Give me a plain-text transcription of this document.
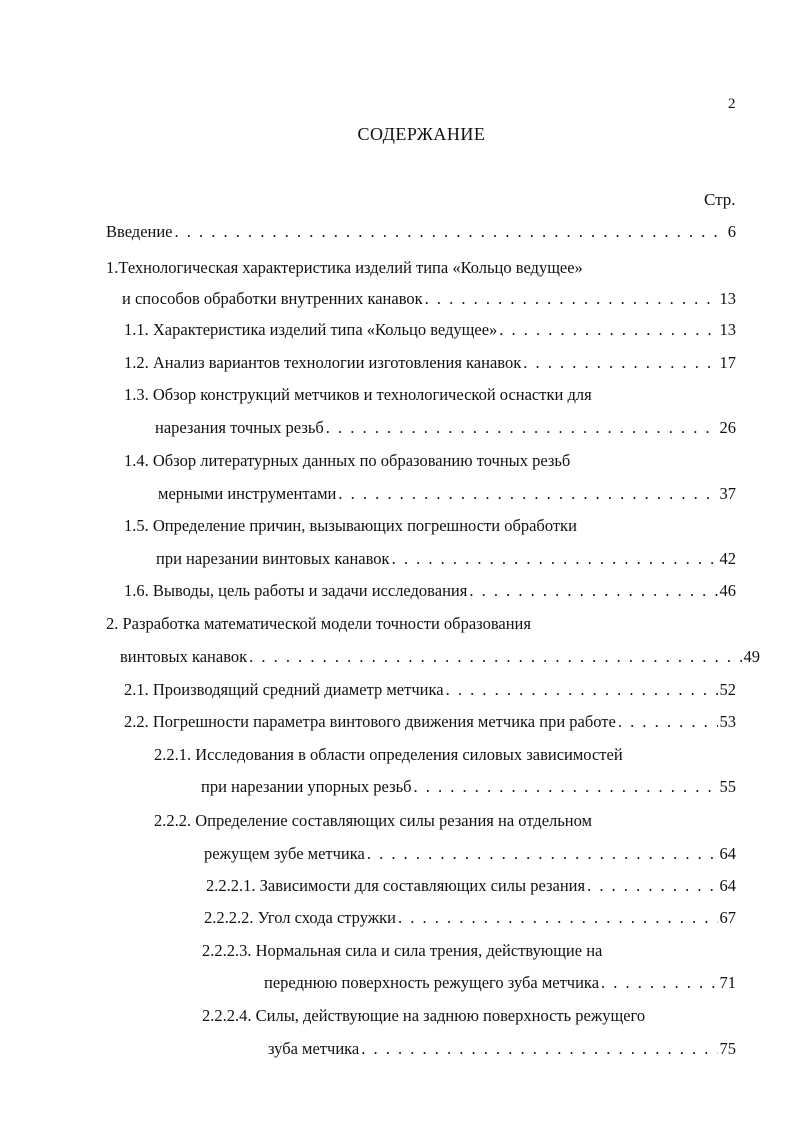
2
СОДЕРЖАНИЕ
Стр.
Введение . . .	6
1.Технологическая характеристика изделий типа «Кольцо ведущее»
и способов обработки внутренних канавок . . .	13
1.1. Характеристика изделий типа «Кольцо ведущее» . . .	13
1.2. Анализ вариантов технологии изготовления канавок . . .	17
1.3. Обзор конструкций метчиков и технологической оснастки для
нарезания точных резьб . . .	26
1.4. Обзор литературных данных по образованию точных резьб
мерными инструментами . . .	37
1.5. Определение причин, вызывающих погрешности обработки
при нарезании винтовых канавок . . .	42
1.6. Выводы, цель работы и задачи исследования . . .	46
2. Разработка математической модели точности образования
винтовых канавок . . .	49
2.1. Производящий средний диаметр метчика . . .	52
2.2. Погрешности параметра винтового движения метчика при работе . . .	53
2.2.1. Исследования в области определения силовых зависимостей
при нарезании упорных резьб . . .	55
2.2.2. Определение составляющих силы резания на отдельном
режущем зубе метчика . . .	64
2.2.2.1. Зависимости для составляющих силы резания . . .	64
2.2.2.2. Угол схода стружки . . .	67
2.2.2.3. Нормальная сила и сила трения, действующие на
переднюю поверхность режущего зуба метчика . . .	71
2.2.2.4. Силы, действующие на заднюю поверхность режущего
зуба метчика . . .	75
